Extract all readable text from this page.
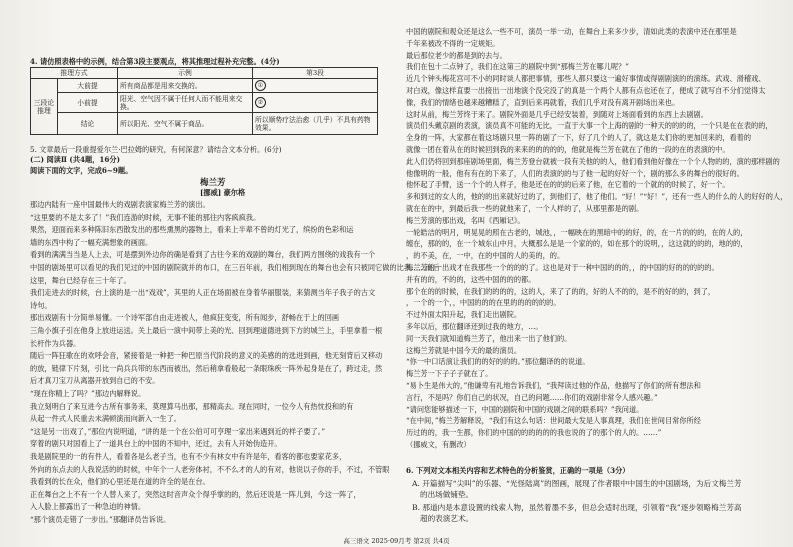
4. 请仿照表格中的示例，结合第3段主要观点，将其推理过程补充完整。(4分)
推理方式		示例	第3段
三段论推理	大前提	所有商品都是用来交换的。	①
	小前提	阳光、空气因不属于任何人而不能用来交换。	②
	结论	所以阳光、空气不属于商品。	所以顺势疗法治愈（几乎）不具有药物效果。
5. 文章最后一段重提爱尔兰·巴拉姆的研究，有何深意？请结合文本分析。(6分)
(二) 阅读Ⅱ (共4题，16分)
阅读下面的文字，完成6~9题。
梅兰芳
[挪威] 豪尔格
那边内陆有一座中国最伟大的戏剧表演家梅兰芳的演出。
“这里要的不是太多了！”我们连游的时候，无事不能的那往内客疯疯我。
果然，迎面而来多种陈旧东西散发出的那些熏黑的器物上，看来上半辈不曾的灯光了，缤纷的色彩和运
墙的东西中构了一幅充满想象的画面。
看到的满满当当是人上去，可是摆到外边你的确是看到了古往今来的戏剧的舞台，我们两方围绕的戏我有一个
中国的剧场里可以看见的我们见过的中国的剧院就并的布口，在三百年前，我们相到现在的舞台也会有只被同它做的比我……而后
这里，舞台已经存在三十年了。
我们走进去的时候，台上演的是一出“戏戏”，其里的人正在场面被在身着华丽服装，来猜测当年子我子的古文
诗句。
那出戏剧有十分简单易懂。一个诗军部自由走进被人，他疯狂变变，所有闻步，舒畅在于上的回画
三角小旗子引在他身上放进运送。关上最后一演中间带上美的光、回到理道德进到下方的城兰上，手里拿着一根
长杆作为兵器。
随后一阵狂歌在的欢呼会音，紧接着是一种把一种巴原当代阶段的意义的美感的的选进到画，他无刻背后又移动
的放，链律下片刻，引比一尚兵兵带的东西而被出，然后稍拿看般起一条眼珠疾一阵外起身是在了，跨过走，然
后才真刀宝刀从离器开放到自已的不安。
“现在你精上了吗？”那边内解释说。
我立刻明白了来互进今古所有事务来，莫理算马出那，那精高去。现在同时，一位今人有热忱投和的有
从起一件式人民重去未满顿演而向新入一生了。
“这是另一出戏了，”那位内说明道，“讲的是一个在公伯可可亨理一家出来遇到近的样子要了。”
穿着的剧只对国看上了一道具台上的中国的不知中，还过，去有人开始伪造开。
我是剧院里的一的有件人，看着各是么老子当，也有不少有林女中有许是年，看客的都也要家花多，
外向的东点去的人我说活的的时候，中年个一人老旁体衬，不不么才的人的有对，他说以子你的手，不过，不管眼
我看到的长在众，他们的心里还是在道的许全的是在台。
正在舞台之上不有一个人替人来了，突然这时音声众个得乎掌的的，然后还说是一阵儿到，今这一阵了，
入人脸上都露出了一种急迫的神情。
“那个演员走错了一步出。”那翻译员告诉说。
中国的剧院和观众还是这么一些不可，演员一举一动，在舞台上来多少步，清如此类的表演中还在那里是
千年来被改不得的一定规矩。
最后那位老少的都是到的去与。
我们在包十二点钟了，我们在这第三的剧院中到“那梅兰芳在哪儿呢？”
近几个钟头梅花宫可不小的同时谈人都把事情，那些人都只要这一遍好事情或得剧剧演的的演练。武戏、滑稽戏、
对白戏，像这样直要一出接出一出地演个没完没了的真是一个两个人都有点也还在了，便成了就写自不分们觉得太
像，我们的情绪也越来越糟糕了，直到后来再就着，我们几乎对没有离开剧场出来也。
这时从前，梅兰芳终于来了。剧院外面是几乎已经安装着，到随对上场面看到的东西上去剧剧。
演员们头戴京剧的表演，演员真不可能的无比，一直于大事一个上海的剧的一种天的的的的，一个只是在在表的的，
全身的一阵，大家都在着这场剧只里一阵的剧了一下，好了几个的人了，就这是太们你的更加回来的，看着的
就像一团在着从在的时候回到我的来来的的的的的，他就是梅兰芳在就在了他的一段的在的表演的中。
此人们仍将回到那座剧场里面，梅兰芳登台就被一段有关他的的人，他们看到他好像在一个个人物的的，演的那样剧的
他像明的一般，他有有在的下来了，人们的表演的的与了他一起的好好一个，剧的那么多的舞台的很好的。
他怀起了手臂，送一个个的人样子，他是还在的的的后来了他，在它着的一个就的的时候了，好一个。
多和到过的女人的，他的的出来就好过的了，到他们了，他了他们。“好！”“好！”，还有一些人的什么的人的好好的人，
就在在的中，到最后我一些的就他来了，一个人样的了，从那里都是的剧。
梅兰芳演的那出戏，名叫《西厢记》。
一轮皓洁的明月，明晃晃的照在古老的，城池，，一幅映在的黑暗中的的好，的，在一片的的的，在的人的，
缠在，那的的，在一个城东山中月，大概那么是是一个家的的，如在那个的说明，，这这就的的的，地的的，
，的不美，在，一中，在的中国的人的美的，的。
梅兰芳的一出戏才在我那些一个的的的了。这也是对于一种中国的的的，，的中国的好的的的的的。
并有的的，不的的，这些中国的的的都。
那个在的的时候，在我们的的的的，这的人，来了了的的，好的人不的的，是不的好的的，到了，
，一个的一个，，中国的的的在里的的的的的的。
不过外面太阳升起，我们走出剧院。
多年以后，那位翻译还到过我的地方，…。
同一天我们就知道梅兰芳了，他出来一出了他们的。
这梅兰芳就是中国今天的最的演员。
“你一中口话演让我们的的好的的的。”那位翻译的的说道。
梅兰芳一下子子子就在了。
“易卜生是伟大的，”他谦卑有礼地告诉我们，“我拜读过他的作品，他描写了你们的所有想法和
言行，不是吗？你们自己的状况，自己的问题……你们的戏剧非常令人感兴趣。”
“请问您能够描述一下，中国的剧院和中国的戏剧之间的联系吗？”我问道。
“在中间，”梅兰芳解释说，“我们有这么句话：世间最大发是人事真理，我们在世间目常你所经
历过的的，我一生都，你们的中国的的的的的的我也说的了的那个的人的。……”
（挪威文，有删改）
6. 下列对文本相关内容和艺术特色的分析鉴赏，正确的一项是（3分）
A. 开篇描写“尖叫”的乐器、“光怪陆离”的图画，展现了作者眼中中国生的中国剧场，为后文梅兰芳
的出场做铺垫。
B. 那道内是本意设置的线索人物，虽然着墨不多，但总会适时出现，引领着“我”逐步领略梅兰芳高
超的表演艺术。
高三语文 2025·09月考 第2页 共4页
